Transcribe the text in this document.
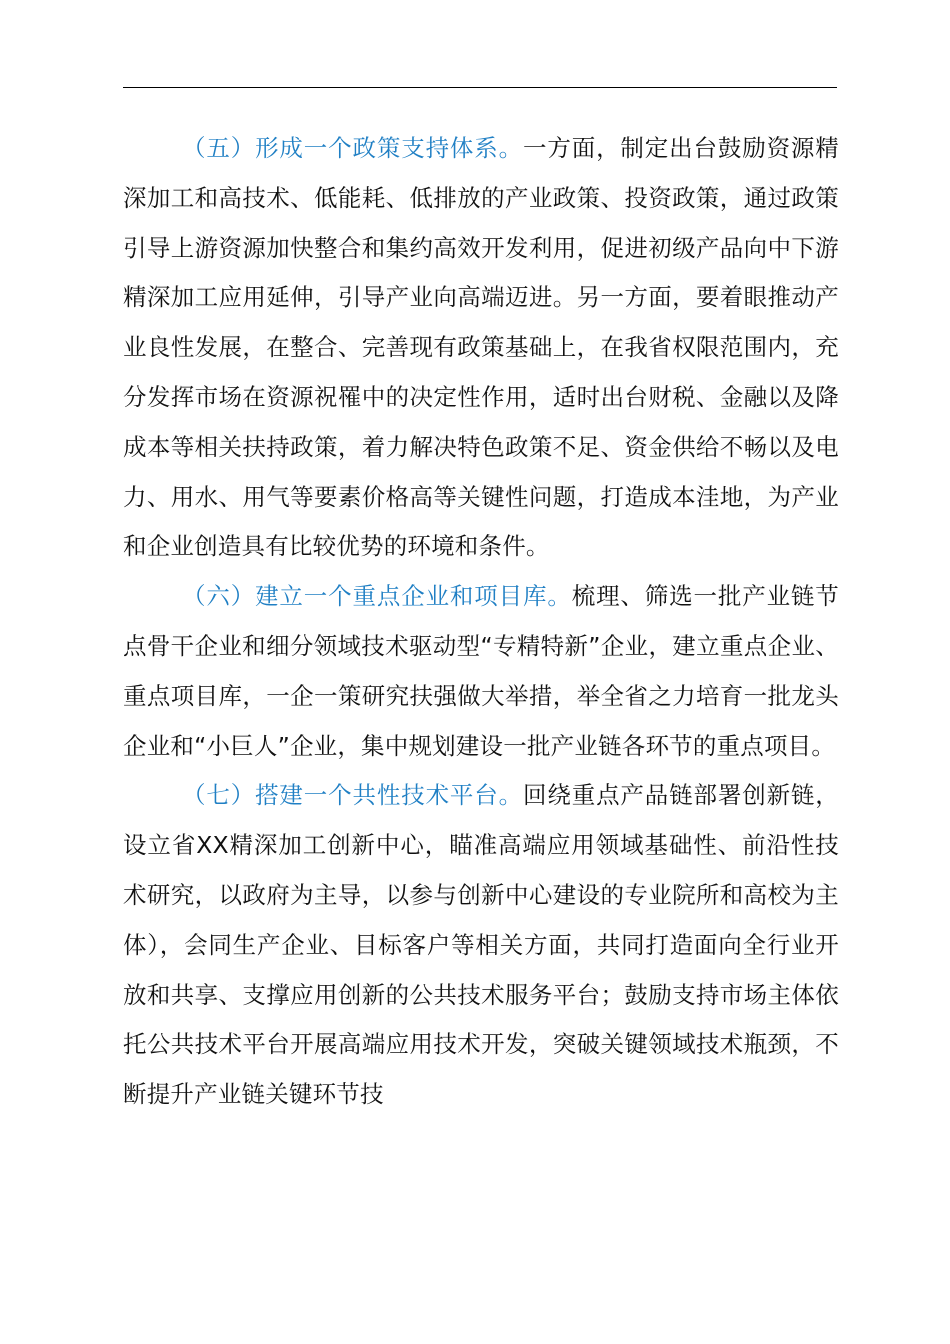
（五）形成一个政策支持体系。一方面，制定出台鼓励资源精深加工和高技术、低能耗、低排放的产业政策、投资政策，通过政策引导上游资源加快整合和集约高效开发利用，促进初级产品向中下游精深加工应用延伸，引导产业向高端迈进。另一方面，要着眼推动产业良性发展，在整合、完善现有政策基础上，在我省权限范围内，充分发挥市场在资源祝罹中的决定性作用，适时出台财税、金融以及降成本等相关扶持政策，着力解决特色政策不足、资金供给不畅以及电力、用水、用气等要素价格高等关键性问题，打造成本洼地，为产业和企业创造具有比较优势的环境和条件。

（六）建立一个重点企业和项目库。梳理、筛选一批产业链节点骨干企业和细分领域技术驱动型“专精特新”企业，建立重点企业、重点项目库，一企一策研究扶强做大举措，举全省之力培育一批龙头企业和“小巨人”企业，集中规划建设一批产业链各环节的重点项目。

（七）搭建一个共性技术平台。回绕重点产品链部署创新链，设立省XX精深加工创新中心，瞄准高端应用领域基础性、前沿性技术研究，以政府为主导，以参与创新中心建设的专业院所和高校为主体），会同生产企业、目标客户等相关方面，共同打造面向全行业开放和共享、支撑应用创新的公共技术服务平台；鼓励支持市场主体依托公共技术平台开展高端应用技术开发，突破关键领域技术瓶颈，不断提升产业链关键环节技
